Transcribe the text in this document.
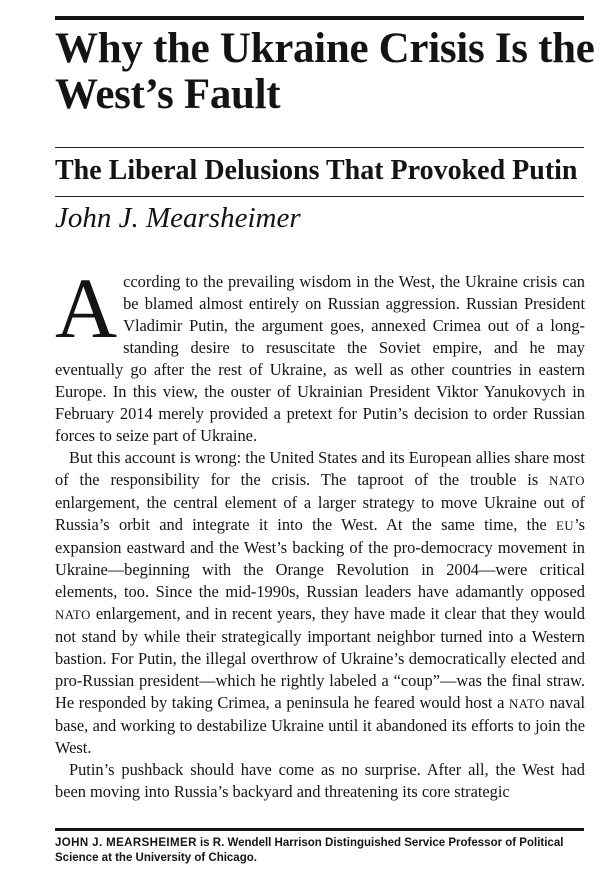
Why the Ukraine Crisis Is the West’s Fault
The Liberal Delusions That Provoked Putin
John J. Mearsheimer

According to the prevailing wisdom in the West, the Ukraine crisis can be blamed almost entirely on Russian aggression. Russian President Vladimir Putin, the argument goes, annexed Crimea out of a long-standing desire to resuscitate the Soviet empire, and he may eventually go after the rest of Ukraine, as well as other countries in eastern Europe. In this view, the ouster of Ukrainian President Viktor Yanukovych in February 2014 merely provided a pretext for Putin’s decision to order Russian forces to seize part of Ukraine.

But this account is wrong: the United States and its European allies share most of the responsibility for the crisis. The taproot of the trouble is NATO enlargement, the central element of a larger strategy to move Ukraine out of Russia’s orbit and integrate it into the West. At the same time, the EU’s expansion eastward and the West’s backing of the pro-democracy movement in Ukraine—beginning with the Orange Revolution in 2004—were critical elements, too. Since the mid-1990s, Russian leaders have adamantly opposed NATO enlargement, and in recent years, they have made it clear that they would not stand by while their strategically important neighbor turned into a Western bastion. For Putin, the illegal overthrow of Ukraine’s democratically elected and pro-Russian president—which he rightly labeled a “coup”—was the final straw. He responded by taking Crimea, a peninsula he feared would host a NATO naval base, and working to destabilize Ukraine until it abandoned its efforts to join the West.

Putin’s pushback should have come as no surprise. After all, the West had been moving into Russia’s backyard and threatening its core strategic

JOHN J. MEARSHEIMER is R. Wendell Harrison Distinguished Service Professor of Political Science at the University of Chicago.
